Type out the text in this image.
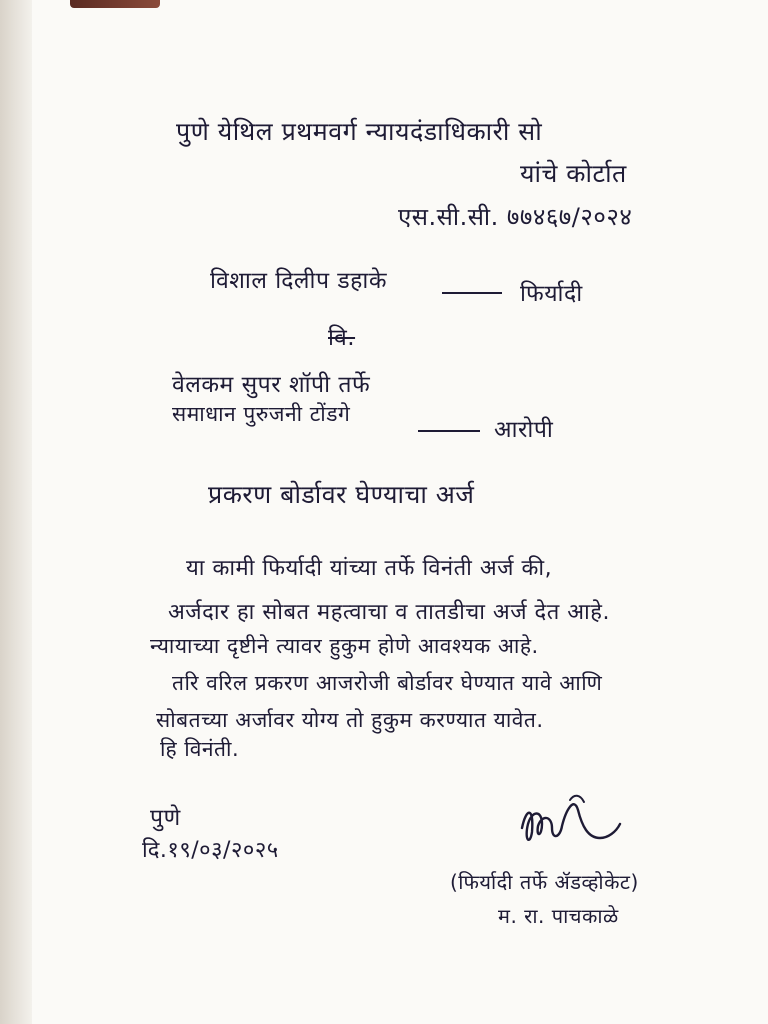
पुणे येथिल प्रथमवर्ग न्यायदंडाधिकारी सो
यांचे कोर्टात
एस.सी.सी. ७७४६७/२०२४
विशाल दिलीप डहाके	फिर्यादी
वि.
वेलकम सुपर शॉपी तर्फे
समाधान पुरुजनी टोंडगे
आरोपी
प्रकरण बोर्डावर घेण्याचा अर्ज
या कामी फिर्यादी यांच्या तर्फे विनंती अर्ज की,
अर्जदार हा सोबत महत्वाचा व तातडीचा अर्ज देत आहे.
न्यायाच्या दृष्टीने त्यावर हुकुम होणे आवश्यक आहे.
तरि वरिल प्रकरण आजरोजी बोर्डावर घेण्यात यावे आणि
सोबतच्या अर्जावर योग्य तो हुकुम करण्यात यावेत.
हि विनंती.
पुणे
दि.१९/०३/२०२५
(फिर्यादी तर्फे ॲडव्होकेट)
म. रा. पाचकाळे
